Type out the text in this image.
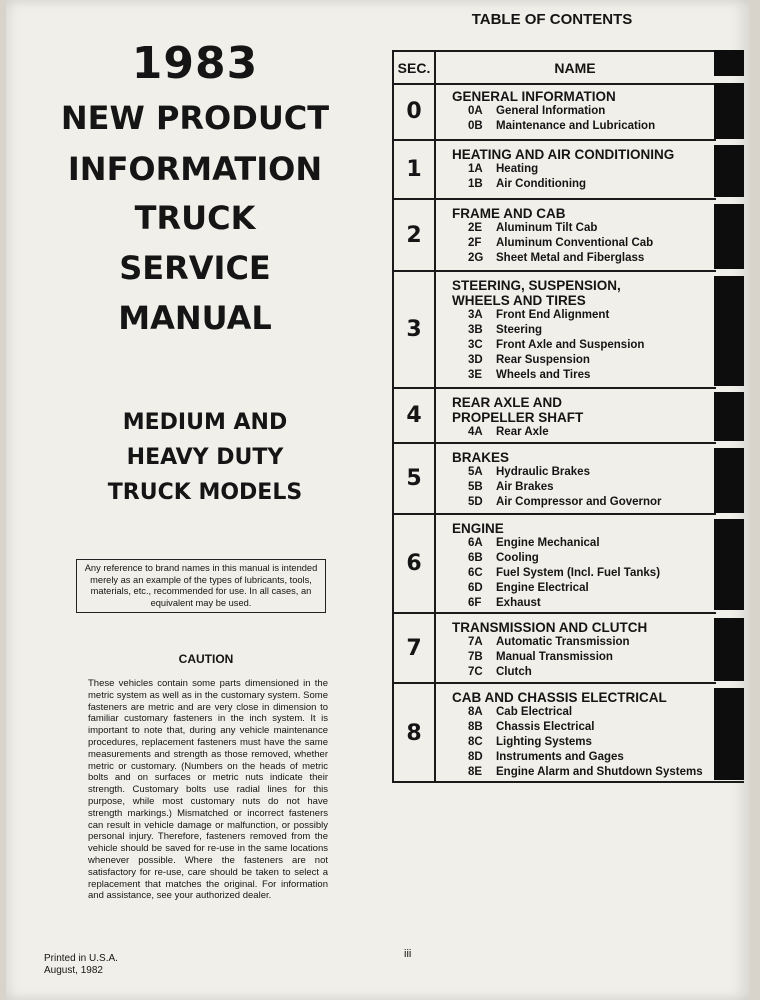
1983
NEW PRODUCT
INFORMATION
TRUCK
SERVICE
MANUAL
MEDIUM AND
HEAVY DUTY
TRUCK MODELS
Any reference to brand names in this manual is intended merely as an example of the types of lubricants, tools, materials, etc., recommended for use. In all cases, an equivalent may be used.
CAUTION

These vehicles contain some parts dimensioned in the metric system as well as in the customary system. Some fasteners are metric and are very close in dimension to familiar customary fasteners in the inch system. It is important to note that, during any vehicle maintenance procedures, replacement fasteners must have the same measurements and strength as those removed, whether metric or customary. (Numbers on the heads of metric bolts and on surfaces or metric nuts indicate their strength. Customary bolts use radial lines for this purpose, while most customary nuts do not have strength markings.) Mismatched or incorrect fasteners can result in vehicle damage or malfunction, or possibly personal injury. Therefore, fasteners removed from the vehicle should be saved for re-use in the same locations whenever possible. Where the fasteners are not satisfactory for re-use, care should be taken to select a replacement that matches the original. For information and assistance, see your authorized dealer.

Printed in U.S.A.
August, 1982
iii
TABLE OF CONTENTS
SEC.	NAME
0
GENERAL INFORMATION
0A	General Information
0B	Maintenance and Lubrication
1
HEATING AND AIR CONDITIONING
1A	Heating
1B	Air Conditioning
2
FRAME AND CAB
2E	Aluminum Tilt Cab
2F	Aluminum Conventional Cab
2G	Sheet Metal and Fiberglass
3
STEERING, SUSPENSION,
WHEELS AND TIRES
3A	Front End Alignment
3B	Steering
3C	Front Axle and Suspension
3D	Rear Suspension
3E	Wheels and Tires
4
REAR AXLE AND
PROPELLER SHAFT
4A	Rear Axle
5
BRAKES
5A	Hydraulic Brakes
5B	Air Brakes
5D	Air Compressor and Governor
6
ENGINE
6A	Engine Mechanical
6B	Cooling
6C	Fuel System (Incl. Fuel Tanks)
6D	Engine Electrical
6F	Exhaust
7
TRANSMISSION AND CLUTCH
7A	Automatic Transmission
7B	Manual Transmission
7C	Clutch
8
CAB AND CHASSIS ELECTRICAL
8A	Cab Electrical
8B	Chassis Electrical
8C	Lighting Systems
8D	Instruments and Gages
8E	Engine Alarm and Shutdown Systems
